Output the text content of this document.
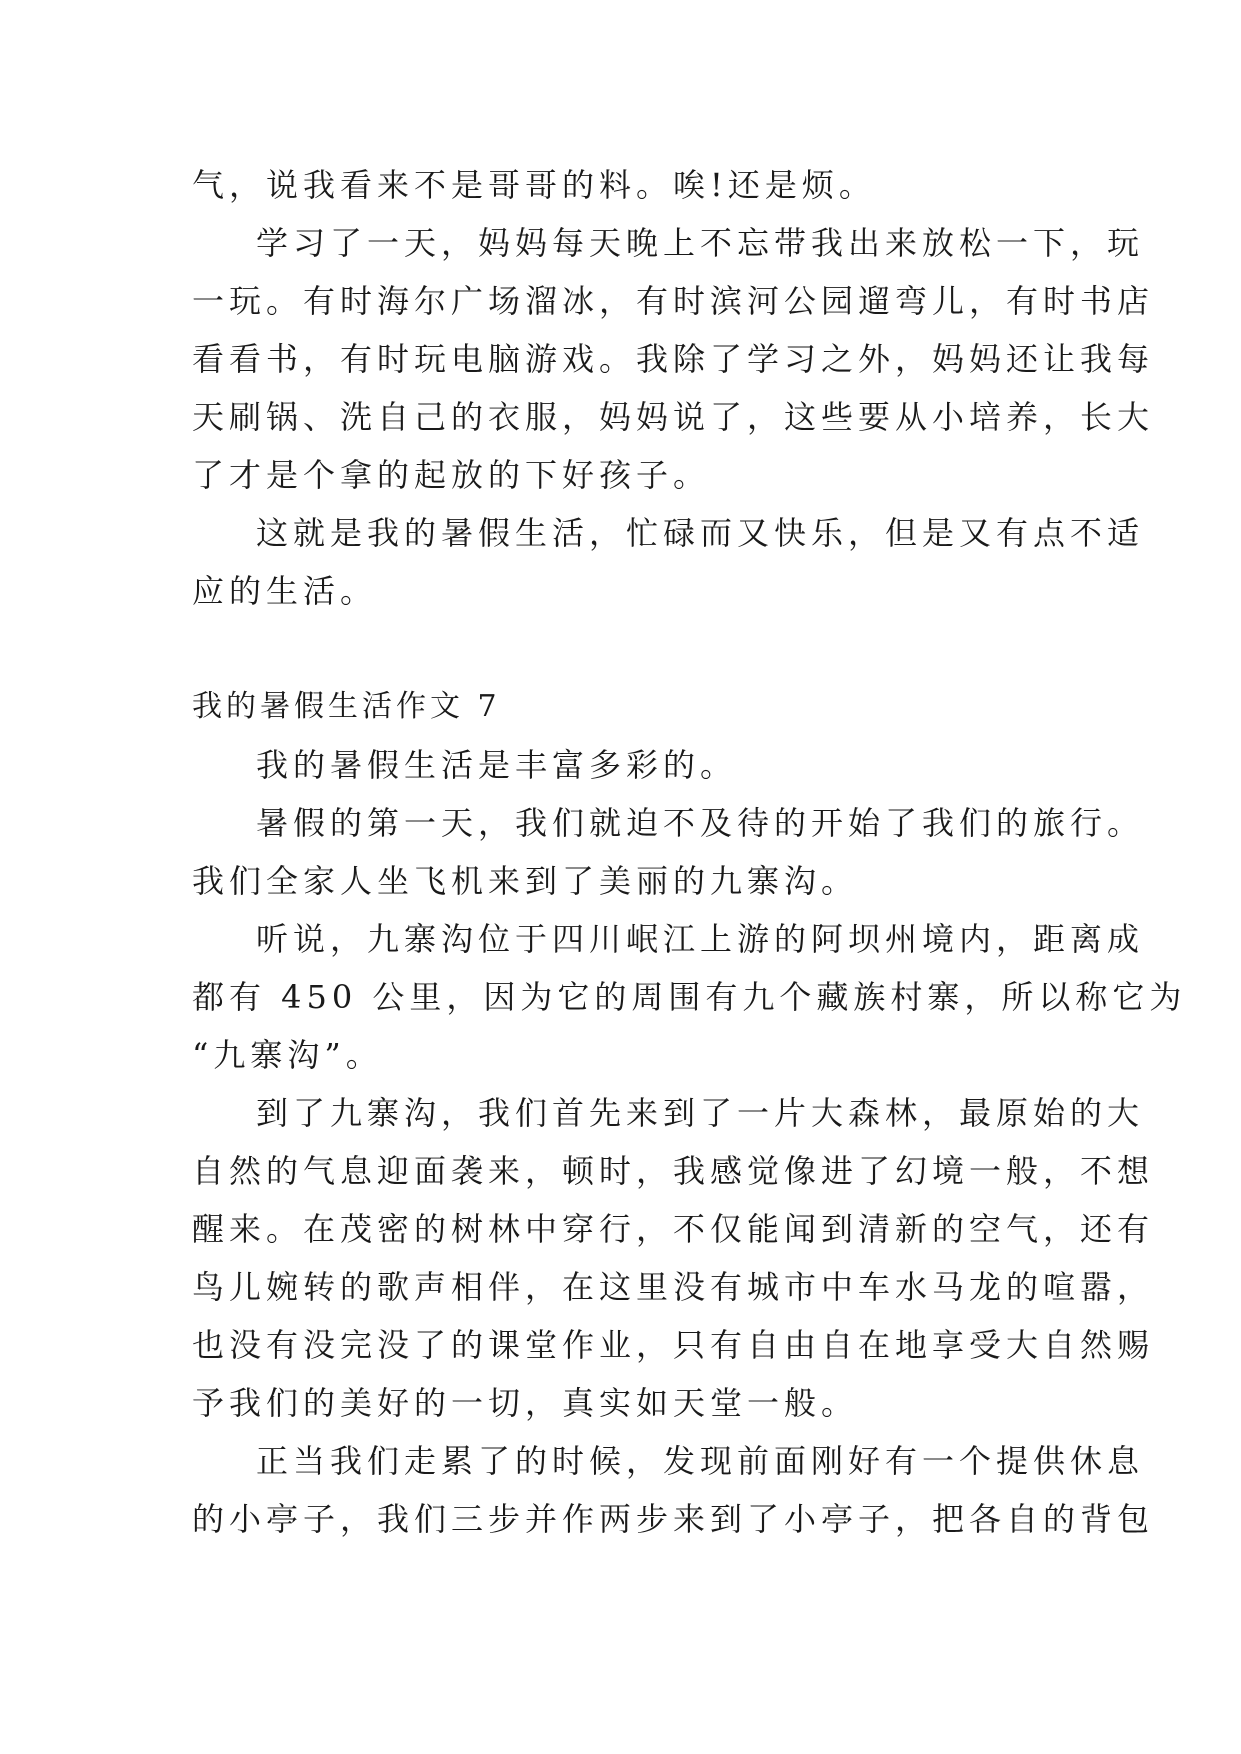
气，说我看来不是哥哥的料。唉!还是烦。
学习了一天，妈妈每天晚上不忘带我出来放松一下，玩
一玩。有时海尔广场溜冰，有时滨河公园遛弯儿，有时书店
看看书，有时玩电脑游戏。我除了学习之外，妈妈还让我每
天刷锅、洗自己的衣服，妈妈说了，这些要从小培养，长大
了才是个拿的起放的下好孩子。
这就是我的暑假生活，忙碌而又快乐，但是又有点不适
应的生活。
我的暑假生活作文 7
我的暑假生活是丰富多彩的。
暑假的第一天，我们就迫不及待的开始了我们的旅行。
我们全家人坐飞机来到了美丽的九寨沟。
听说，九寨沟位于四川岷江上游的阿坝州境内，距离成
都有 450 公里，因为它的周围有九个藏族村寨，所以称它为
“九寨沟”。
到了九寨沟，我们首先来到了一片大森林，最原始的大
自然的气息迎面袭来，顿时，我感觉像进了幻境一般，不想
醒来。在茂密的树林中穿行，不仅能闻到清新的空气，还有
鸟儿婉转的歌声相伴，在这里没有城市中车水马龙的喧嚣，
也没有没完没了的课堂作业，只有自由自在地享受大自然赐
予我们的美好的一切，真实如天堂一般。
正当我们走累了的时候，发现前面刚好有一个提供休息
的小亭子，我们三步并作两步来到了小亭子，把各自的背包
